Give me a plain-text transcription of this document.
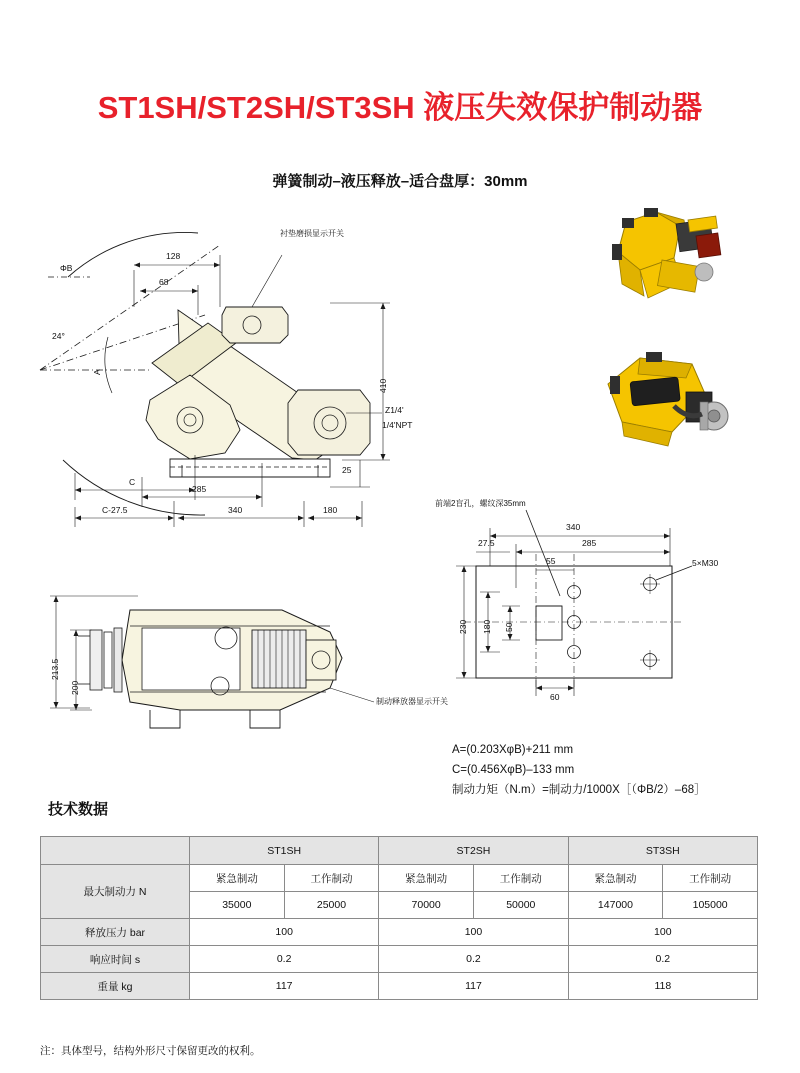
ST1SH/ST2SH/ST3SH 液压失效保护制动器
弹簧制动–液压释放–适合盘厚：30mm
衬垫磨损显示开关
ΦB
128
68
24°
A
410
Z1/4'
1/4'NPT
25
C
285
C-27.5	340	180
213.5
200
制动释放器显示开关
前端2盲孔，螺纹深35mm
340
285
27.5
55	5×M30
230 180 50
60
A=(0.203XφB)+211 mm
C=(0.456XφB)–133 mm
制动力矩（N.m）=制动力/1000X［（ΦB/2）–68］
技术数据
	ST1SH		ST2SH		ST3SH	
最大制动力 N	紧急制动	工作制动	紧急制动	工作制动	紧急制动	工作制动
	35000	25000	70000	50000	147000	105000
释放压力 bar	100		100		100	
响应时间 s	0.2		0.2		0.2	
重量 kg	117		117		118	
注：具体型号，结构外形尺寸保留更改的权利。
